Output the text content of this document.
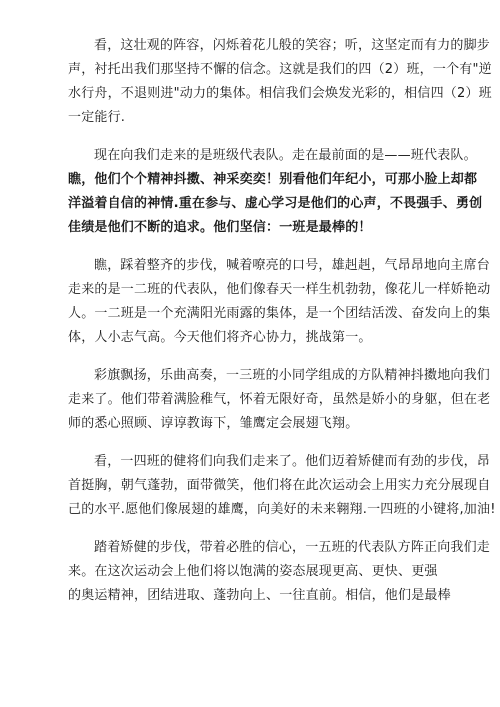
看，这壮观的阵容，闪烁着花儿般的笑容；听，这坚定而有力的脚步
声，衬托出我们那坚持不懈的信念。这就是我们的四（2）班，一个有"逆
水行舟，不退则进"动力的集体。相信我们会焕发光彩的，相信四（2）班
一定能行.

现在向我们走来的是班级代表队。走在最前面的是——班代表队。
瞧，他们个个精神抖擞、神采奕奕！别看他们年纪小，可那小脸上却都
洋溢着自信的神情.重在参与、虚心学习是他们的心声，不畏强手、勇创
佳绩是他们不断的追求。他们坚信：一班是最棒的！

瞧，踩着整齐的步伐，喊着嘹亮的口号，雄赳赳，气昂昂地向主席台
走来的是一二班的代表队，他们像春天一样生机勃勃，像花儿一样娇艳动
人。一二班是一个充满阳光雨露的集体，是一个团结活泼、奋发向上的集
体，人小志气高。今天他们将齐心协力，挑战第一。

彩旗飘扬，乐曲高奏，一三班的小同学组成的方队精神抖擞地向我们
走来了。他们带着满脸稚气，怀着无限好奇，虽然是娇小的身躯，但在老
师的悉心照顾、谆谆教诲下，雏鹰定会展翅飞翔。

看，一四班的健将们向我们走来了。他们迈着矫健而有劲的步伐，昂
首挺胸，朝气蓬勃，面带微笑，他们将在此次运动会上用实力充分展现自
己的水平.愿他们像展翅的雄鹰，向美好的未来翱翔.一四班的小键将,加油!

踏着矫健的步伐，带着必胜的信心，一五班的代表队方阵正向我们走
来。在这次运动会上他们将以饱满的姿态展现更高、更快、更强
的奥运精神，团结进取、蓬勃向上、一往直前。相信，他们是最棒
